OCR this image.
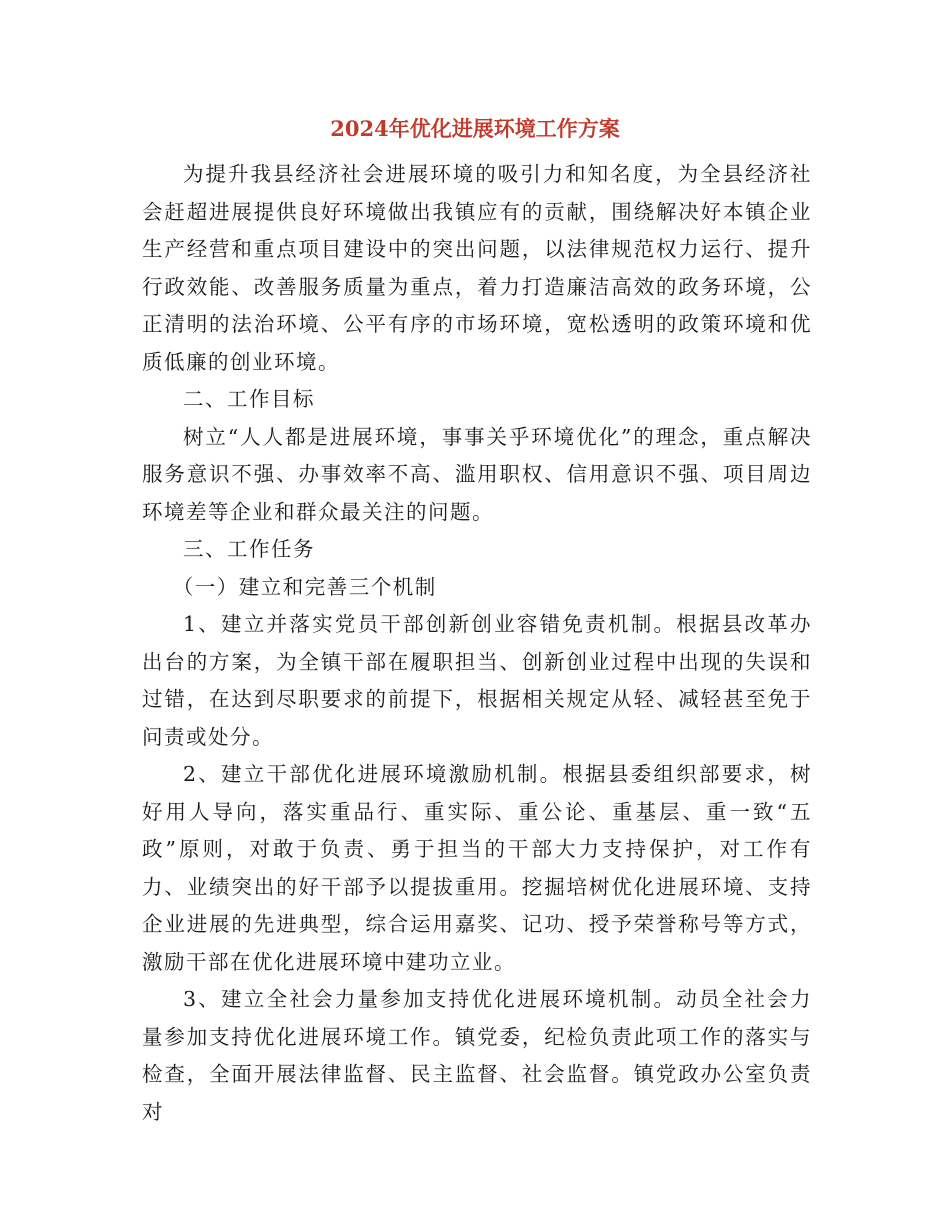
2024年优化进展环境工作方案

为提升我县经济社会进展环境的吸引力和知名度，为全县经济社会赶超进展提供良好环境做出我镇应有的贡献，围绕解决好本镇企业生产经营和重点项目建设中的突出问题，以法律规范权力运行、提升行政效能、改善服务质量为重点，着力打造廉洁高效的政务环境，公正清明的法治环境、公平有序的市场环境，宽松透明的政策环境和优质低廉的创业环境。

二、工作目标

树立“人人都是进展环境，事事关乎环境优化”的理念，重点解决服务意识不强、办事效率不高、滥用职权、信用意识不强、项目周边环境差等企业和群众最关注的问题。

三、工作任务

（一）建立和完善三个机制

1、建立并落实党员干部创新创业容错免责机制。根据县改革办出台的方案，为全镇干部在履职担当、创新创业过程中出现的失误和过错，在达到尽职要求的前提下，根据相关规定从轻、减轻甚至免于问责或处分。

2、建立干部优化进展环境激励机制。根据县委组织部要求，树好用人导向，落实重品行、重实际、重公论、重基层、重一致“五政”原则，对敢于负责、勇于担当的干部大力支持保护，对工作有力、业绩突出的好干部予以提拔重用。挖掘培树优化进展环境、支持企业进展的先进典型，综合运用嘉奖、记功、授予荣誉称号等方式，激励干部在优化进展环境中建功立业。

3、建立全社会力量参加支持优化进展环境机制。动员全社会力量参加支持优化进展环境工作。镇党委，纪检负责此项工作的落实与检查，全面开展法律监督、民主监督、社会监督。镇党政办公室负责对
